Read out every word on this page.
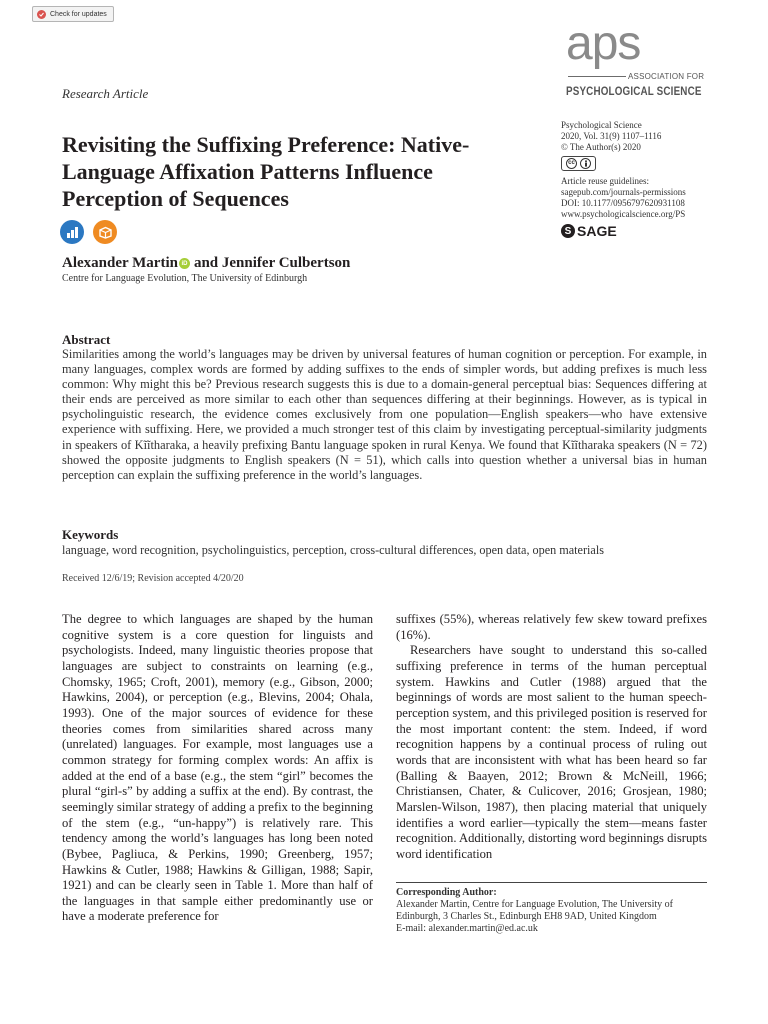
Check for updates
aps
ASSOCIATION FOR
PSYCHOLOGICAL SCIENCE
Research Article
Revisiting the Suffixing Preference: Native-Language Affixation Patterns Influence Perception of Sequences
Psychological Science
2020, Vol. 31(9) 1107–1116
© The Author(s) 2020
cc
Article reuse guidelines:
sagepub.com/journals-permissions
DOI: 10.1177/0956797620931108
www.psychologicalscience.org/PS
S SAGE
Alexander Martin iD and Jennifer Culbertson
Centre for Language Evolution, The University of Edinburgh
Abstract

Similarities among the world’s languages may be driven by universal features of human cognition or perception. For example, in many languages, complex words are formed by adding suffixes to the ends of simpler words, but adding prefixes is much less common: Why might this be? Previous research suggests this is due to a domain-general perceptual bias: Sequences differing at their ends are perceived as more similar to each other than sequences differing at their beginnings. However, as is typical in psycholinguistic research, the evidence comes exclusively from one population—English speakers—who have extensive experience with suffixing. Here, we provided a much stronger test of this claim by investigating perceptual-similarity judgments in speakers of Kĩĩtharaka, a heavily prefixing Bantu language spoken in rural Kenya. We found that Kĩĩtharaka speakers (N = 72) showed the opposite judgments to English speakers (N = 51), which calls into question whether a universal bias in human perception can explain the suffixing preference in the world’s languages.

Keywords
language, word recognition, psycholinguistics, perception, cross-cultural differences, open data, open materials
Received 12/6/19; Revision accepted 4/20/20

The degree to which languages are shaped by the human cognitive system is a core question for linguists and psychologists. Indeed, many linguistic theories propose that languages are subject to constraints on learning (e.g., Chomsky, 1965; Croft, 2001), memory (e.g., Gibson, 2000; Hawkins, 2004), or perception (e.g., Blevins, 2004; Ohala, 1993). One of the major sources of evidence for these theories comes from similarities shared across many (unrelated) languages. For example, most languages use a common strategy for forming complex words: An affix is added at the end of a base (e.g., the stem “girl” becomes the plural “girl-s” by adding a suffix at the end). By contrast, the seemingly similar strategy of adding a prefix to the beginning of the stem (e.g., “un-happy”) is relatively rare. This tendency among the world’s languages has long been noted (Bybee, Pagliuca, & Perkins, 1990; Greenberg, 1957; Hawkins & Cutler, 1988; Hawkins & Gilligan, 1988; Sapir, 1921) and can be clearly seen in Table 1. More than half of the languages in that sample either predominantly use or have a moderate preference for

suffixes (55%), whereas relatively few skew toward prefixes (16%).

Researchers have sought to understand this so-called suffixing preference in terms of the human perceptual system. Hawkins and Cutler (1988) argued that the beginnings of words are most salient to the human speech-perception system, and this privileged position is reserved for the most important content: the stem. Indeed, if word recognition happens by a continual process of ruling out words that are inconsistent with what has been heard so far (Balling & Baayen, 2012; Brown & McNeill, 1966; Christiansen, Chater, & Culicover, 2016; Grosjean, 1980; Marslen-Wilson, 1987), then placing material that uniquely identifies a word earlier—typically the stem—means faster recognition. Additionally, distorting word beginnings disrupts word identification

Corresponding Author:
Alexander Martin, Centre for Language Evolution, The University of Edinburgh, 3 Charles St., Edinburgh EH8 9AD, United Kingdom
E-mail: alexander.martin@ed.ac.uk
